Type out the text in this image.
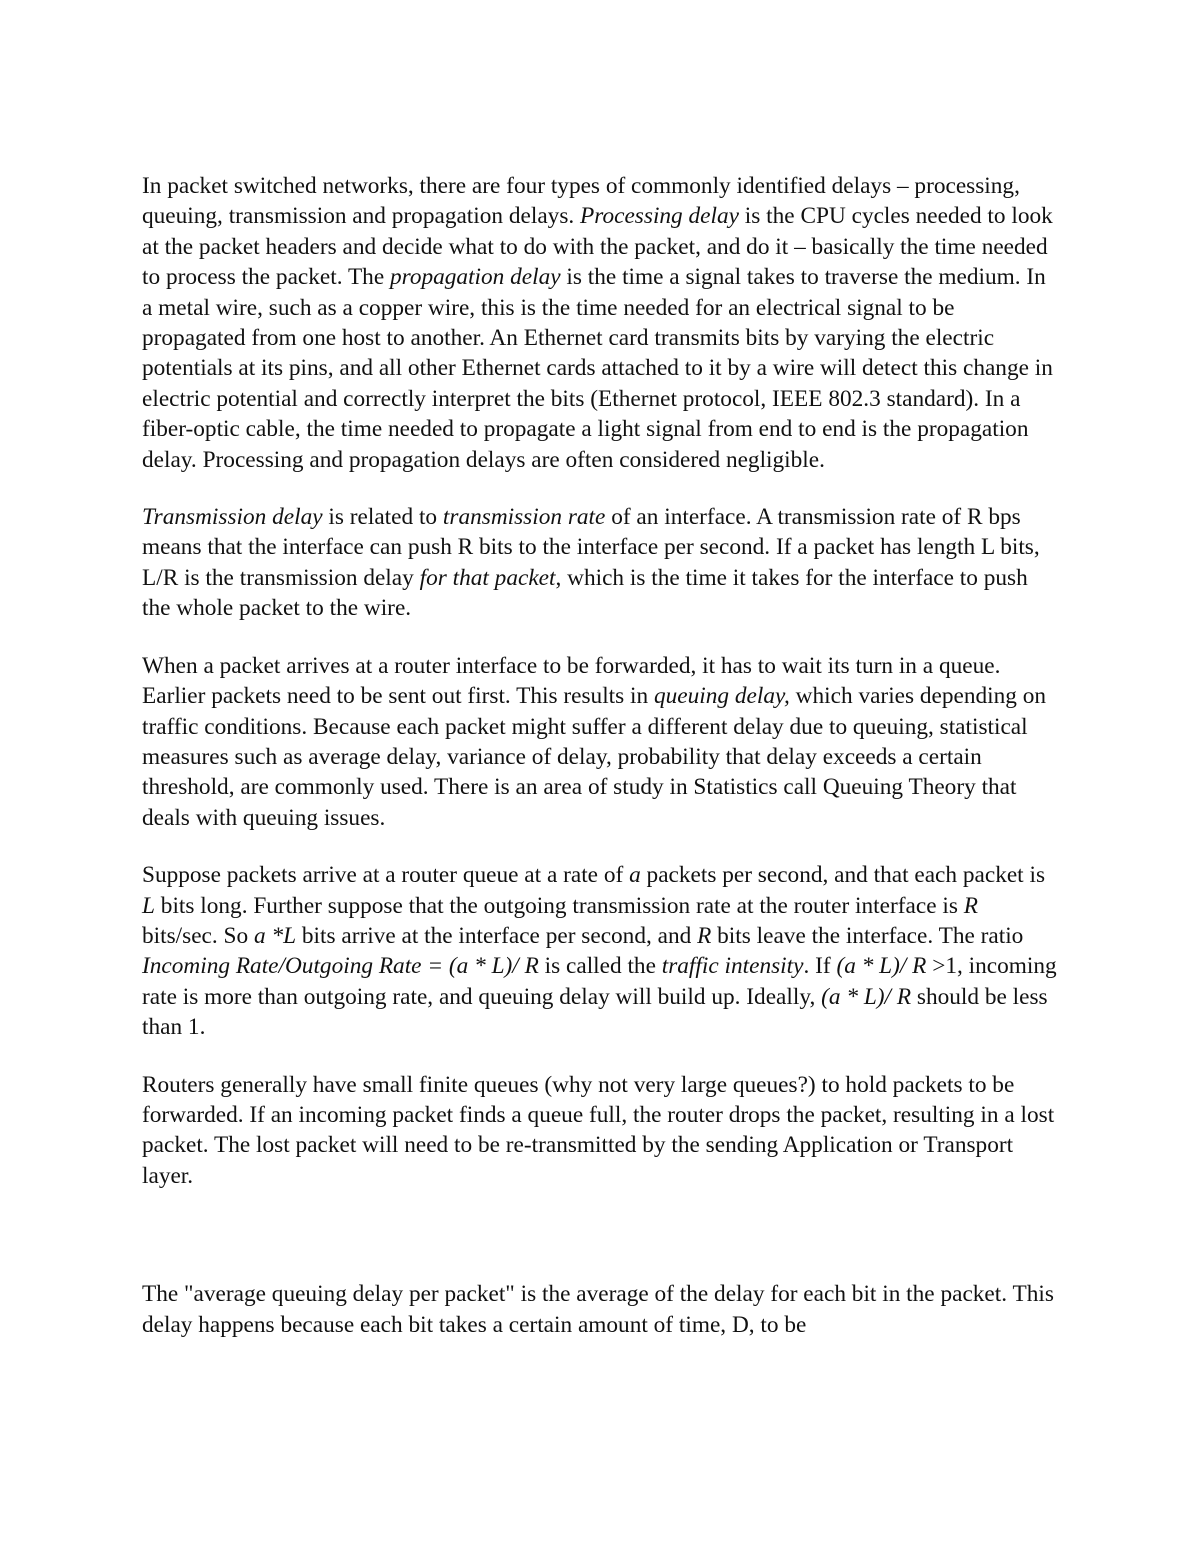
In packet switched networks, there are four types of commonly identified delays – processing, queuing, transmission and propagation delays. Processing delay is the CPU cycles needed to look at the packet headers and decide what to do with the packet, and do it – basically the time needed to process the packet. The propagation delay is the time a signal takes to traverse the medium. In a metal wire, such as a copper wire, this is the time needed for an electrical signal to be propagated from one host to another. An Ethernet card transmits bits by varying the electric potentials at its pins, and all other Ethernet cards attached to it by a wire will detect this change in electric potential and correctly interpret the bits (Ethernet protocol, IEEE 802.3 standard). In a fiber-optic cable, the time needed to propagate a light signal from end to end is the propagation delay. Processing and propagation delays are often considered negligible.

Transmission delay is related to transmission rate of an interface. A transmission rate of R bps means that the interface can push R bits to the interface per second. If a packet has length L bits, L/R is the transmission delay for that packet, which is the time it takes for the interface to push the whole packet to the wire.

When a packet arrives at a router interface to be forwarded, it has to wait its turn in a queue. Earlier packets need to be sent out first. This results in queuing delay, which varies depending on traffic conditions. Because each packet might suffer a different delay due to queuing, statistical measures such as average delay, variance of delay, probability that delay exceeds a certain threshold, are commonly used. There is an area of study in Statistics call Queuing Theory that deals with queuing issues.

Suppose packets arrive at a router queue at a rate of a packets per second, and that each packet is L bits long. Further suppose that the outgoing transmission rate at the router interface is R bits/sec. So a *L bits arrive at the interface per second, and R bits leave the interface. The ratio Incoming Rate/Outgoing Rate = (a * L)/ R is called the traffic intensity. If (a * L)/ R >1, incoming rate is more than outgoing rate, and queuing delay will build up. Ideally, (a * L)/ R should be less than 1.

Routers generally have small finite queues (why not very large queues?) to hold packets to be forwarded. If an incoming packet finds a queue full, the router drops the packet, resulting in a lost packet. The lost packet will need to be re-transmitted by the sending Application or Transport layer.

The "average queuing delay per packet" is the average of the delay for each bit in the packet. This delay happens because each bit takes a certain amount of time, D, to be
